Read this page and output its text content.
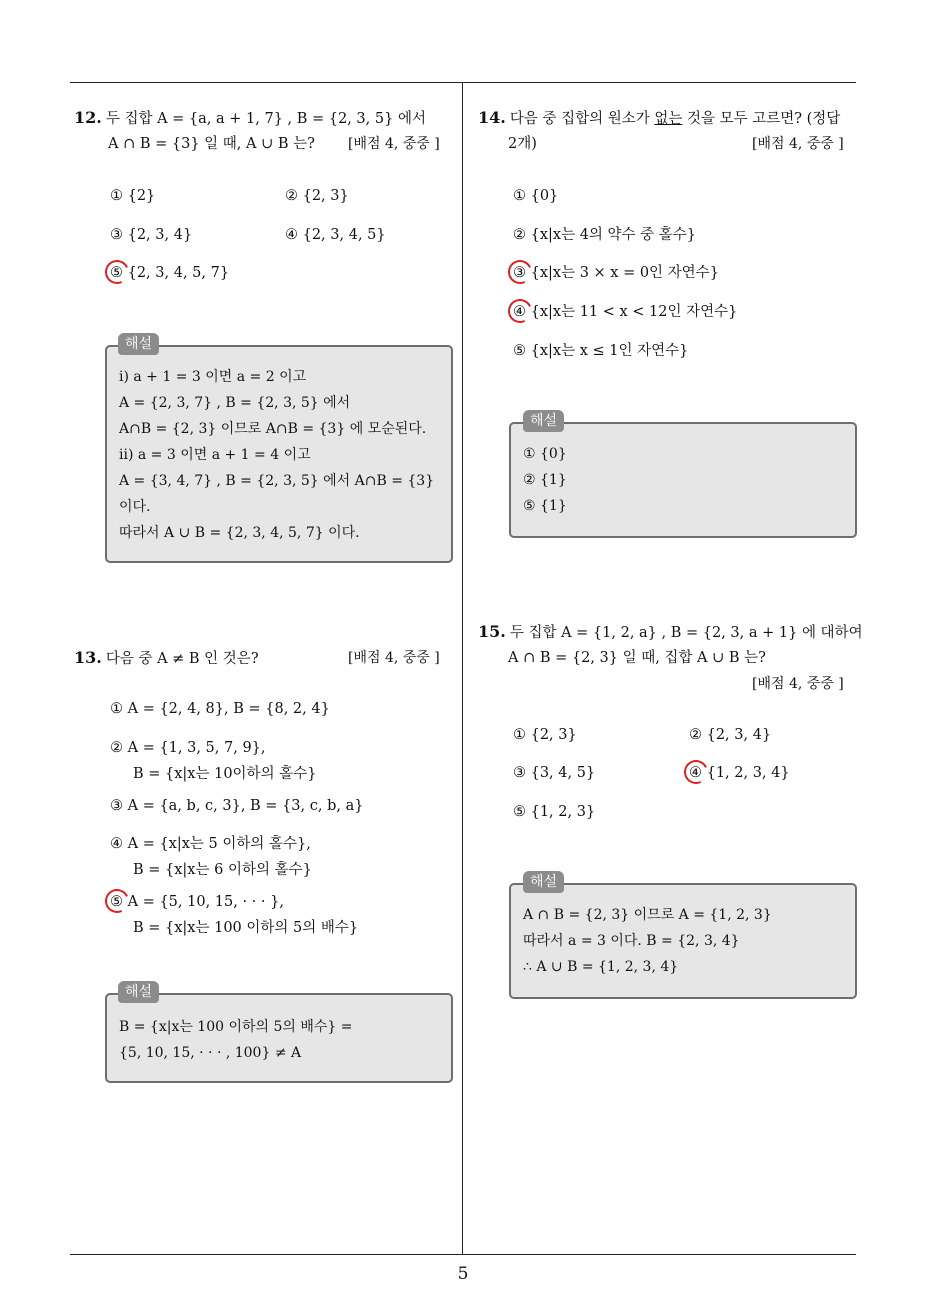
5
12. 두 집합 A = {a, a + 1, 7} , B = {2, 3, 5} 에서
A ∩ B = {3} 일 때, A ∪ B 는? [배점 4, 중중 ]
① {2}	② {2, 3}
③ {2, 3, 4}	④ {2, 3, 4, 5}
⑤ {2, 3, 4, 5, 7}
ⅰ) a + 1 = 3 이면 a = 2 이고
A = {2, 3, 7} , B = {2, 3, 5} 에서
A∩B = {2, 3} 이므로 A∩B = {3} 에 모순된다.
ⅱ) a = 3 이면 a + 1 = 4 이고
A = {3, 4, 7} , B = {2, 3, 5} 에서 A∩B = {3}
이다.
따라서 A ∪ B = {2, 3, 4, 5, 7} 이다.
해설
13. 다음 중 A ≠ B 인 것은?	[배점 4, 중중 ]
① A = {2, 4, 8}, B = {8, 2, 4}
② A = {1, 3, 5, 7, 9},
B = {x|x는 10이하의 홀수}
③ A = {a, b, c, 3}, B = {3, c, b, a}
④ A = {x|x는 5 이하의 홀수},
B = {x|x는 6 이하의 홀수}
⑤ A = {5, 10, 15, · · · },
B = {x|x는 100 이하의 5의 배수}
B = {x|x는 100 이하의 5의 배수} =
{5, 10, 15, · · · , 100} ≠ A
해설
14. 다음 중 집합의 원소가 없는 것을 모두 고르면? (정답
2개)	[배점 4, 중중 ]
① {0}
② {x|x는 4의 약수 중 홀수}
③ {x|x는 3 × x = 0인 자연수}
④ {x|x는 11 < x < 12인 자연수}
⑤ {x|x는 x ≤ 1인 자연수}
① {0}
② {1}
⑤ {1}
해설
15. 두 집합 A = {1, 2, a} , B = {2, 3, a + 1} 에 대하여
A ∩ B = {2, 3} 일 때, 집합 A ∪ B 는?
[배점 4, 중중 ]
① {2, 3}	② {2, 3, 4}
③ {3, 4, 5}	④ {1, 2, 3, 4}
⑤ {1, 2, 3}
A ∩ B = {2, 3} 이므로 A = {1, 2, 3}
따라서 a = 3 이다. B = {2, 3, 4}
∴ A ∪ B = {1, 2, 3, 4}
해설
